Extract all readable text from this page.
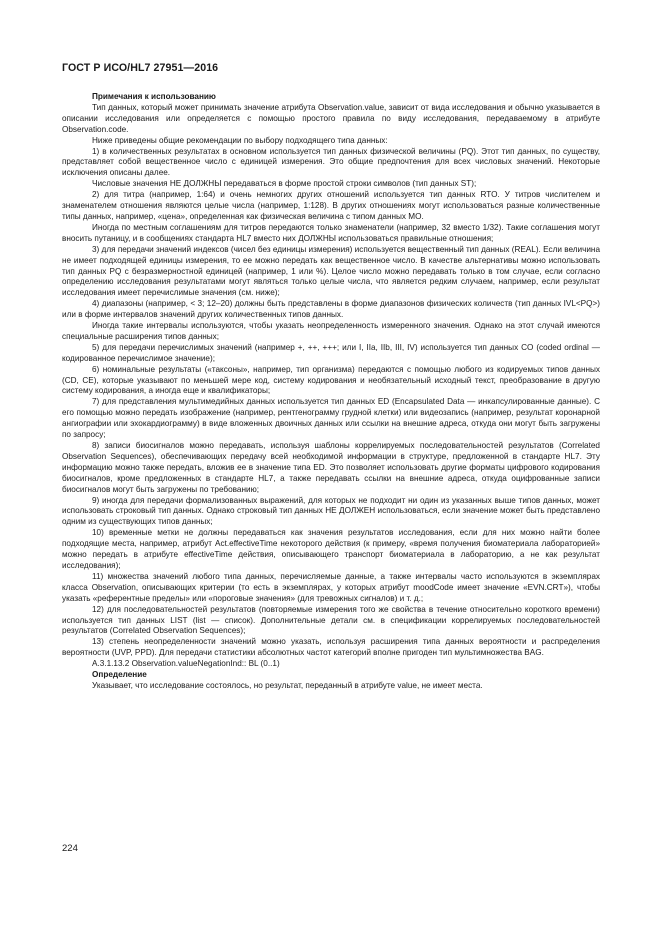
ГОСТ Р ИСО/HL7 27951—2016

Примечания к использованию

Тип данных, который может принимать значение атрибута Observation.value, зависит от вида исследования и обычно указывается в описании исследования или определяется с помощью простого правила по виду исследования, передаваемому в атрибуте Observation.code.

Ниже приведены общие рекомендации по выбору подходящего типа данных:

1) в количественных результатах в основном используется тип данных физической величины (PQ). Этот тип данных, по существу, представляет собой вещественное число с единицей измерения. Это общие предпочтения для всех числовых значений. Некоторые исключения описаны далее.

Числовые значения НЕ ДОЛЖНЫ передаваться в форме простой строки символов (тип данных ST);

2) для титра (например, 1:64) и очень немногих других отношений используется тип данных RTO. У титров числителем и знаменателем отношения являются целые числа (например, 1:128). В других отношениях могут использоваться разные количественные типы данных, например, «цена», определенная как физическая величина с типом данных MO.

Иногда по местным соглашениям для титров передаются только знаменатели (например, 32 вместо 1/32). Такие соглашения могут вносить путаницу, и в сообщениях стандарта HL7 вместо них ДОЛЖНЫ использоваться правильные отношения;

3) для передачи значений индексов (чисел без единицы измерения) используется вещественный тип данных (REAL). Если величина не имеет подходящей единицы измерения, то ее можно передать как вещественное число. В качестве альтернативы можно использовать тип данных PQ с безразмерностной единицей (например, 1 или %). Целое число можно передавать только в том случае, если согласно определению исследования результатами могут являться только целые числа, что является редким случаем, например, если результат исследования имеет перечислимые значения (см. ниже);

4) диапазоны (например, < 3; 12–20) должны быть представлены в форме диапазонов физических количеств (тип данных IVL<PQ>) или в форме интервалов значений других количественных типов данных.

Иногда такие интервалы используются, чтобы указать неопределенность измеренного значения. Однако на этот случай имеются специальные расширения типов данных;

5) для передачи перечислимых значений (например +, ++, +++; или I, IIa, IIb, III, IV) используется тип данных CO (coded ordinal — кодированное перечислимое значение);

6) номинальные результаты («таксоны», например, тип организма) передаются с помощью любого из кодируемых типов данных (CD, CE), которые указывают по меньшей мере код, систему кодирования и необязательный исходный текст, преобразование в другую систему кодирования, а иногда еще и квалификаторы;

7) для представления мультимедийных данных используется тип данных ED (Encapsulated Data — инкапсулированные данные). С его помощью можно передать изображение (например, рентгенограмму грудной клетки) или видеозапись (например, результат коронарной ангиографии или эхокардиограмму) в виде вложенных двоичных данных или ссылки на внешние адреса, откуда они могут быть загружены по запросу;

8) записи биосигналов можно передавать, используя шаблоны коррелируемых последовательностей результатов (Correlated Observation Sequences), обеспечивающих передачу всей необходимой информации в структуре, предложенной в стандарте HL7. Эту информацию можно также передать, вложив ее в значение типа ED. Это позволяет использовать другие форматы цифрового кодирования биосигналов, кроме предложенных в стандарте HL7, а также передавать ссылки на внешние адреса, откуда оцифрованные записи биосигналов могут быть загружены по требованию;

9) иногда для передачи формализованных выражений, для которых не подходит ни один из указанных выше типов данных, может использовать строковый тип данных. Однако строковый тип данных НЕ ДОЛЖЕН использоваться, если значение может быть представлено одним из существующих типов данных;

10) временные метки не должны передаваться как значения результатов исследования, если для них можно найти более подходящие места, например, атрибут Act.effectiveTime некоторого действия (к примеру, «время получения биоматериала лабораторией» можно передать в атрибуте effectiveTime действия, описывающего транспорт биоматериала в лабораторию, а не как результат исследования);

11) множества значений любого типа данных, перечисляемые данные, а также интервалы часто используются в экземплярах класса Observation, описывающих критерии (то есть в экземплярах, у которых атрибут moodCode имеет значение «EVN.CRT»), чтобы указать «референтные пределы» или «пороговые значения» (для тревожных сигналов) и т. д.;

12) для последовательностей результатов (повторяемые измерения того же свойства в течение относительно короткого времени) используется тип данных LIST (list — список). Дополнительные детали см. в спецификации коррелируемых последовательностей результатов (Correlated Observation Sequences);

13) степень неопределенности значений можно указать, используя расширения типа данных вероятности и распределения вероятности (UVP, PPD). Для передачи статистики абсолютных частот категорий вполне пригоден тип мультимножества BAG.

А.3.1.13.2 Observation.valueNegationInd:: BL (0..1)

Определение

Указывает, что исследование состоялось, но результат, переданный в атрибуте value, не имеет места.

224
